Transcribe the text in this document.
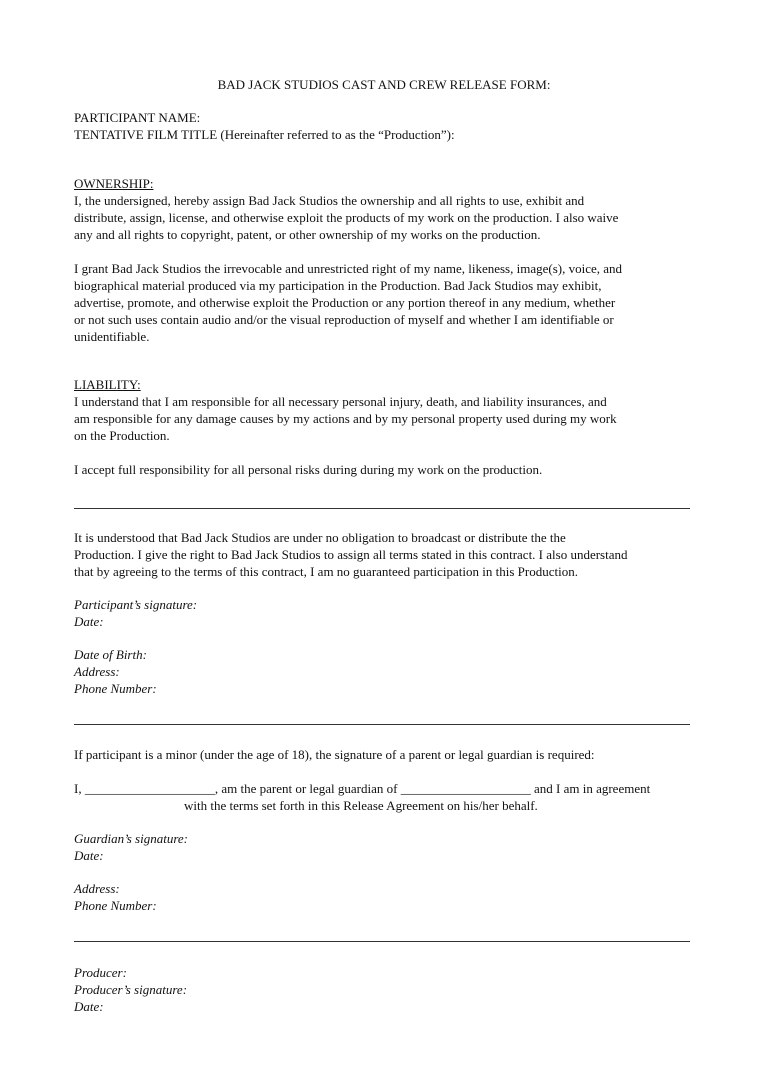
BAD JACK STUDIOS CAST AND CREW RELEASE FORM:
PARTICIPANT NAME:
TENTATIVE FILM TITLE (Hereinafter referred to as the “Production”):
OWNERSHIP:
I, the undersigned, hereby assign Bad Jack Studios the ownership and all rights to use, exhibit and
distribute, assign, license, and otherwise exploit the products of my work on the production. I also waive
any and all rights to copyright, patent, or other ownership of my works on the production.
I grant Bad Jack Studios the irrevocable and unrestricted right of my name, likeness, image(s), voice, and
biographical material produced via my participation in the Production. Bad Jack Studios may exhibit,
advertise, promote, and otherwise exploit the Production or any portion thereof in any medium, whether
or not such uses contain audio and/or the visual reproduction of myself and whether I am identifiable or
unidentifiable.
LIABILITY:
I understand that I am responsible for all necessary personal injury, death, and liability insurances, and
am responsible for any damage causes by my actions and by my personal property used during my work
on the Production.
I accept full responsibility for all personal risks during during my work on the production.
It is understood that Bad Jack Studios are under no obligation to broadcast or distribute the the
Production. I give the right to Bad Jack Studios to assign all terms stated in this contract. I also understand
that by agreeing to the terms of this contract, I am no guaranteed participation in this Production.
Participant’s signature:
Date:
Date of Birth:
Address:
Phone Number:
If participant is a minor (under the age of 18), the signature of a parent or legal guardian is required:
I, ____________________, am the parent or legal guardian of ____________________ and I am in agreement
with the terms set forth in this Release Agreement on his/her behalf.
Guardian’s signature:
Date:
Address:
Phone Number:
Producer:
Producer’s signature:
Date:
